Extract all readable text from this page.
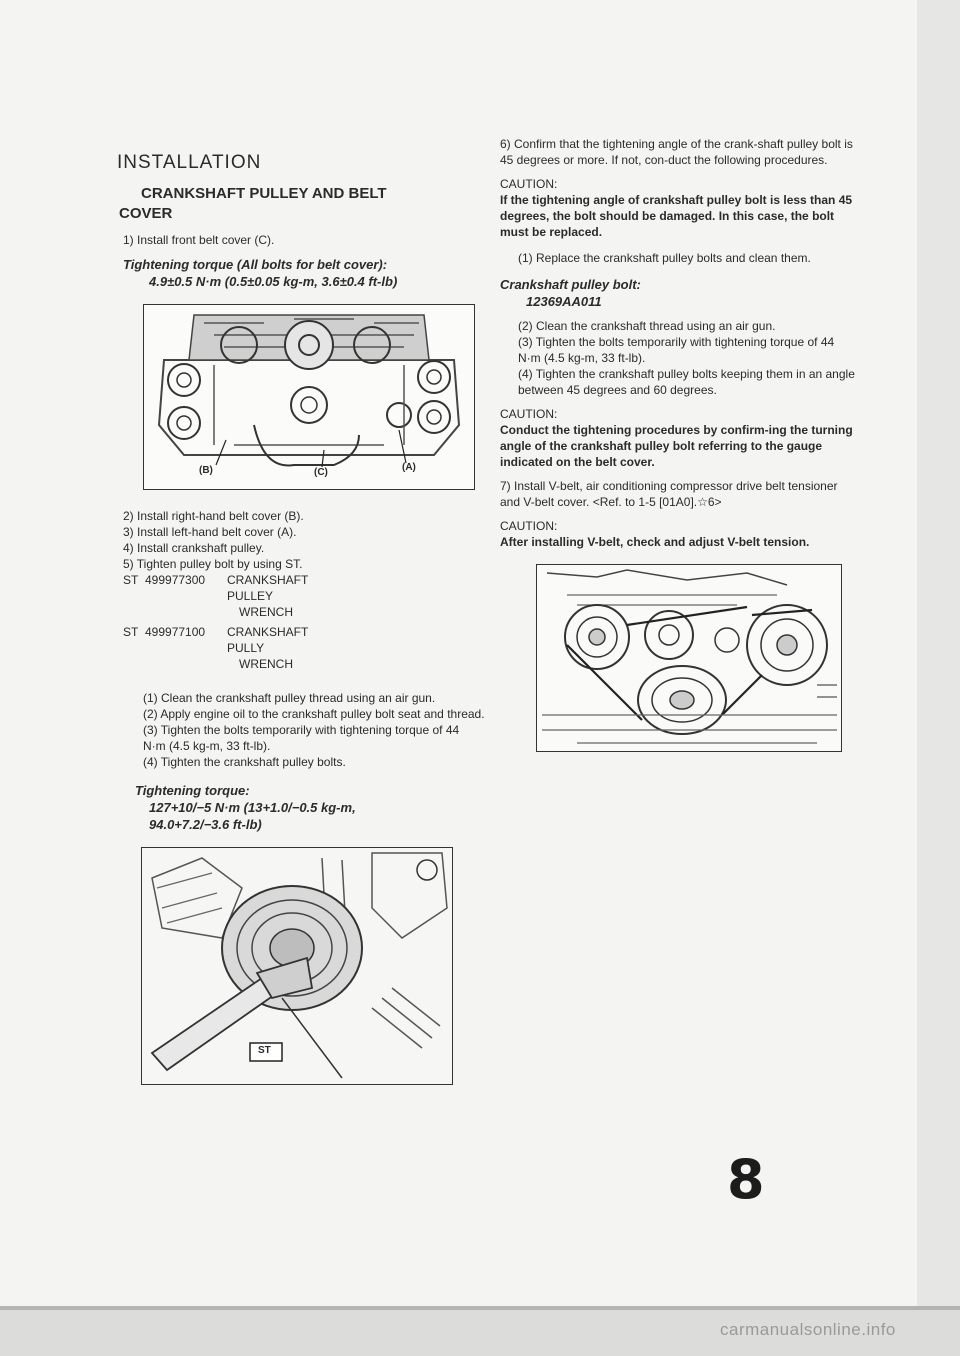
INSTALLATION
CRANKSHAFT PULLEY AND BELT
COVER

1) Install front belt cover (C).

Tightening torque (All bolts for belt cover):

4.9±0.5 N·m (0.5±0.05 kg-m, 3.6±0.4 ft-lb)

(B)	(C)	(A)

2) Install right-hand belt cover (B).

3) Install left-hand belt cover (A).

4) Install crankshaft pulley.

5) Tighten pulley bolt by using ST.

ST 499977300	CRANKSHAFT PULLEY
WRENCH
ST 499977100	CRANKSHAFT PULLY
WRENCH

(1) Clean the crankshaft pulley thread using an air gun.

(2) Apply engine oil to the crankshaft pulley bolt seat and thread.

(3) Tighten the bolts temporarily with tightening torque of 44 N·m (4.5 kg-m, 33 ft-lb).

(4) Tighten the crankshaft pulley bolts.

Tightening torque:

127+10/−5 N·m (13+1.0/−0.5 kg-m,

94.0+7.2/−3.6 ft-lb)

ST

6) Confirm that the tightening angle of the crank-shaft pulley bolt is 45 degrees or more. If not, con-duct the following procedures.

CAUTION:

If the tightening angle of crankshaft pulley bolt is less than 45 degrees, the bolt should be damaged. In this case, the bolt must be replaced.

(1) Replace the crankshaft pulley bolts and clean them.

Crankshaft pulley bolt:

12369AA011

(2) Clean the crankshaft thread using an air gun.

(3) Tighten the bolts temporarily with tightening torque of 44 N·m (4.5 kg-m, 33 ft-lb).

(4) Tighten the crankshaft pulley bolts keeping them in an angle between 45 degrees and 60 degrees.

CAUTION:

Conduct the tightening procedures by confirm-ing the turning angle of the crankshaft pulley bolt referring to the gauge indicated on the belt cover.

7) Install V-belt, air conditioning compressor drive belt tensioner and V-belt cover. <Ref. to 1-5 [01A0].☆6>

CAUTION:

After installing V-belt, check and adjust V-belt tension.

8
carmanualsonline.info
